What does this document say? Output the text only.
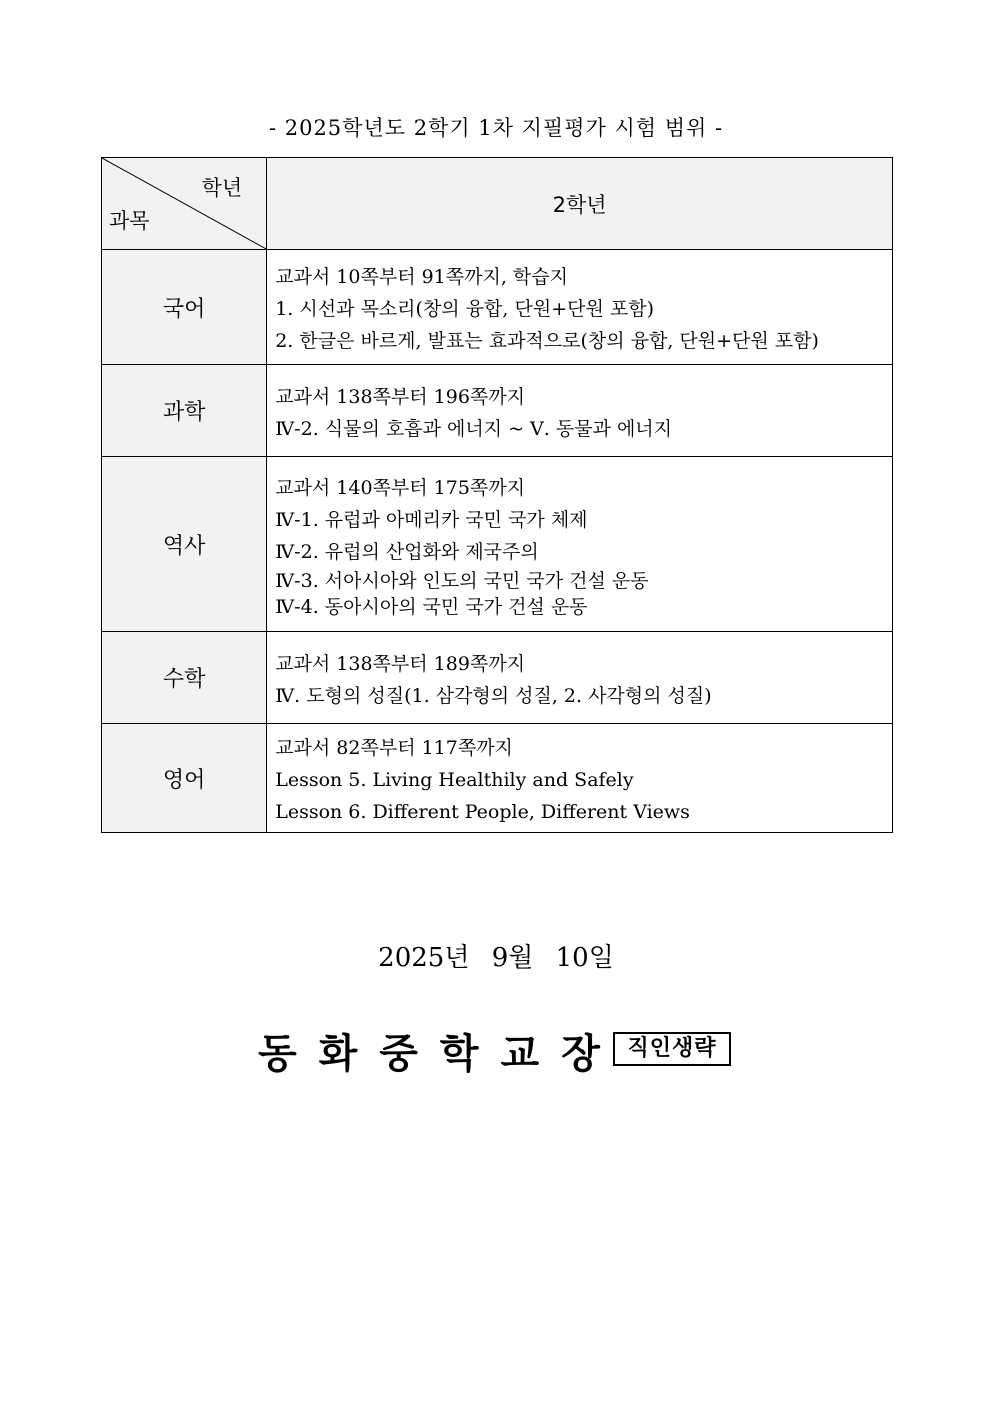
- 2025학년도 2학기 1차 지필평가 시험 범위 -
학년
과목	2학년
국어	교과서 10쪽부터 91쪽까지, 학습지
1. 시선과 목소리(창의 융합, 단원+단원 포함)
2. 한글은 바르게, 발표는 효과적으로(창의 융합, 단원+단원 포함)

과학	교과서 138쪽부터 196쪽까지
Ⅳ-2. 식물의 호흡과 에너지 ~ Ⅴ. 동물과 에너지

역사	교과서 140쪽부터 175쪽까지
Ⅳ-1. 유럽과 아메리카 국민 국가 체제
Ⅳ-2. 유럽의 산업화와 제국주의
Ⅳ-3. 서아시아와 인도의 국민 국가 건설 운동
Ⅳ-4. 동아시아의 국민 국가 건설 운동

수학	교과서 138쪽부터 189쪽까지
Ⅳ. 도형의 성질(1. 삼각형의 성질, 2. 사각형의 성질)

영어	교과서 82쪽부터 117쪽까지
Lesson 5. Living Healthily and Safely
Lesson 6. Different People, Different Views
2025년 9월 10일
동화중학교장 직인생략
